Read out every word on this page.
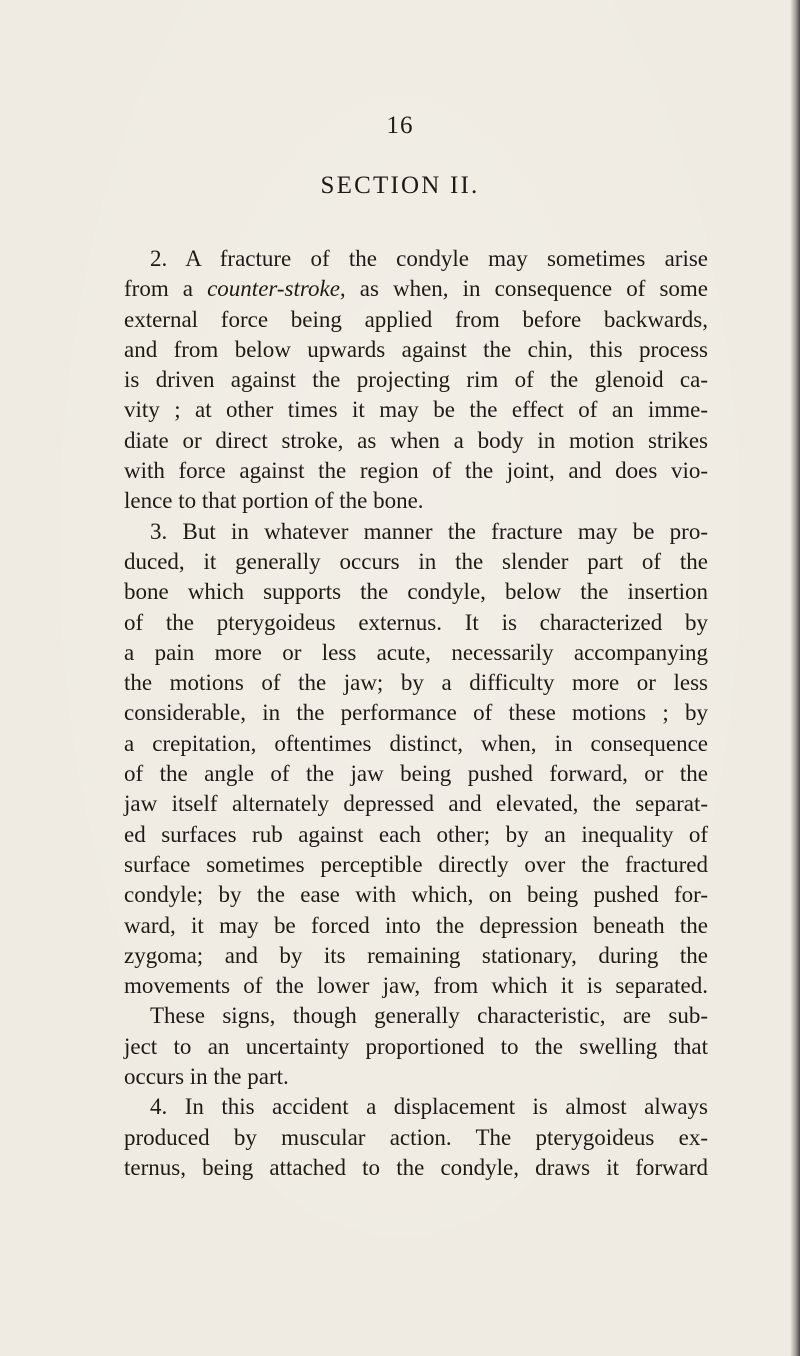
16
SECTION II.
2. A fracture of the condyle may sometimes arise
from a counter-stroke, as when, in consequence of some
external force being applied from before backwards,
and from below upwards against the chin, this process
is driven against the projecting rim of the glenoid ca-
vity ; at other times it may be the effect of an imme-
diate or direct stroke, as when a body in motion strikes
with force against the region of the joint, and does vio-
lence to that portion of the bone.
3. But in whatever manner the fracture may be pro-
duced, it generally occurs in the slender part of the
bone which supports the condyle, below the insertion
of the pterygoideus externus. It is characterized by
a pain more or less acute, necessarily accompanying
the motions of the jaw; by a difficulty more or less
considerable, in the performance of these motions ; by
a crepitation, oftentimes distinct, when, in consequence
of the angle of the jaw being pushed forward, or the
jaw itself alternately depressed and elevated, the separat-
ed surfaces rub against each other; by an inequality of
surface sometimes perceptible directly over the fractured
condyle; by the ease with which, on being pushed for-
ward, it may be forced into the depression beneath the
zygoma; and by its remaining stationary, during the
movements of the lower jaw, from which it is separated.
These signs, though generally characteristic, are sub-
ject to an uncertainty proportioned to the swelling that
occurs in the part.
4. In this accident a displacement is almost always
produced by muscular action. The pterygoideus ex-
ternus, being attached to the condyle, draws it forward
